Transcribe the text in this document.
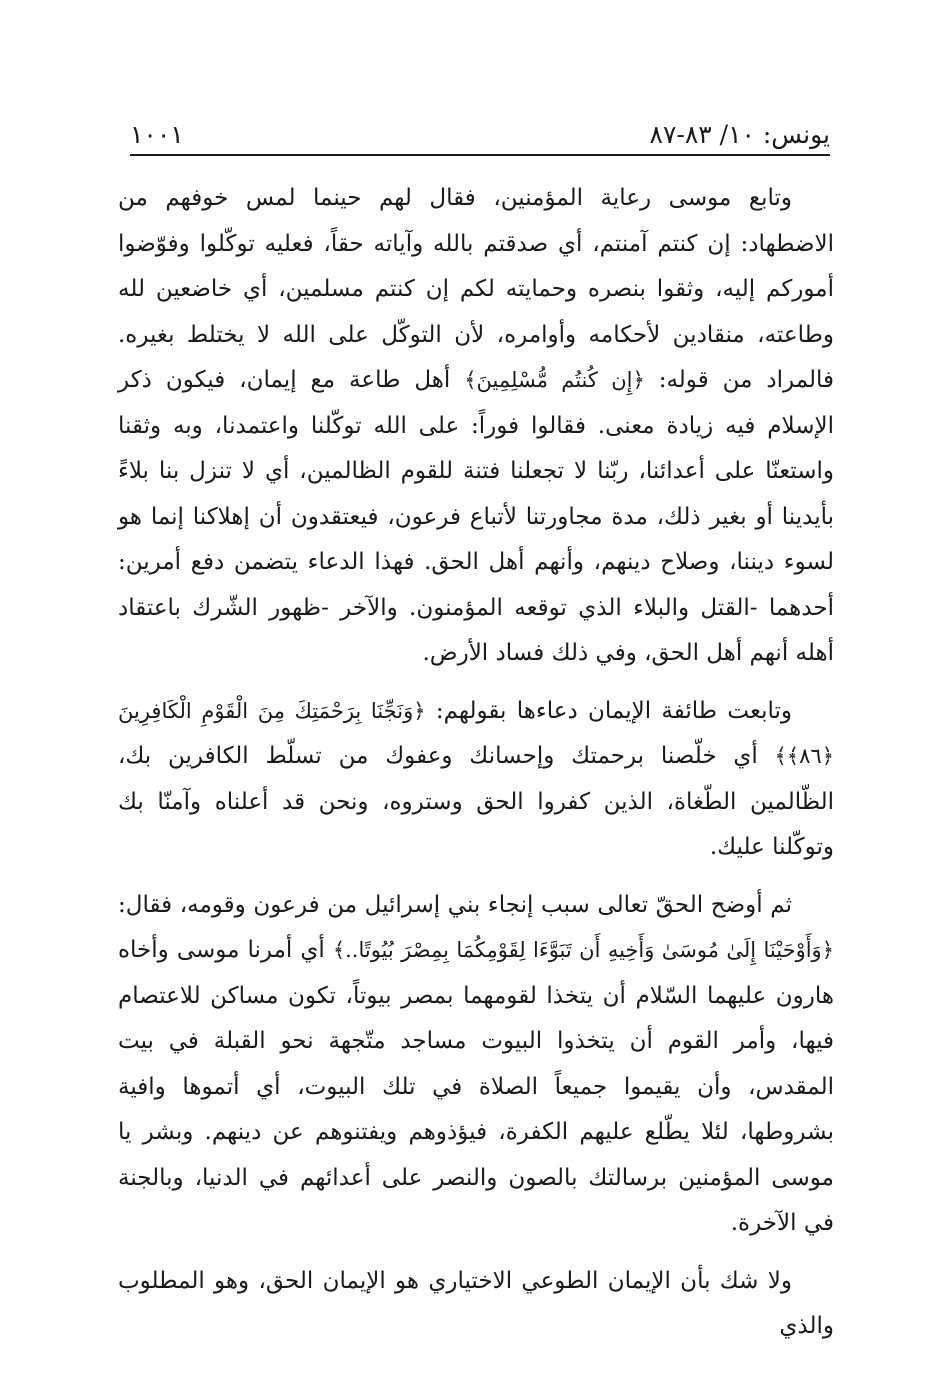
يونس: ١٠/ ٨٣-٨٧
١٠٠١

وتابع موسى رعاية المؤمنين، فقال لهم حينما لمس خوفهم من الاضطهاد: إن كنتم آمنتم، أي صدقتم بالله وآياته حقاً، فعليه توكّلوا وفوّضوا أموركم إليه، وثقوا بنصره وحمايته لكم إن كنتم مسلمين، أي خاضعين لله وطاعته، منقادين لأحكامه وأوامره، لأن التوكّل على الله لا يختلط بغيره. فالمراد من قوله: ﴿إِن كُنتُم مُّسْلِمِينَ﴾ أهل طاعة مع إيمان، فيكون ذكر الإسلام فيه زيادة معنى. فقالوا فوراً: على الله توكّلنا واعتمدنا، وبه وثقنا واستعنّا على أعدائنا، ربّنا لا تجعلنا فتنة للقوم الظالمين، أي لا تنزل بنا بلاءً بأيدينا أو بغير ذلك، مدة مجاورتنا لأتباع فرعون، فيعتقدون أن إهلاكنا إنما هو لسوء ديننا، وصلاح دينهم، وأنهم أهل الحق. فهذا الدعاء يتضمن دفع أمرين: أحدهما -القتل والبلاء الذي توقعه المؤمنون. والآخر -ظهور الشّرك باعتقاد أهله أنهم أهل الحق، وفي ذلك فساد الأرض.

وتابعت طائفة الإيمان دعاءها بقولهم: ﴿وَنَجِّنَا بِرَحْمَتِكَ مِنَ الْقَوْمِ الْكَافِرِينَ ﴿٨٦﴾﴾ أي خلّصنا برحمتك وإحسانك وعفوك من تسلّط الكافرين بك، الظّالمين الطّغاة، الذين كفروا الحق وستروه، ونحن قد أعلناه وآمنّا بك وتوكّلنا عليك.

ثم أوضح الحقّ تعالى سبب إنجاء بني إسرائيل من فرعون وقومه، فقال: ﴿وَأَوْحَيْنَا إِلَىٰ مُوسَىٰ وَأَخِيهِ أَن تَبَوَّءَا لِقَوْمِكُمَا بِمِصْرَ بُيُوتًا..﴾ أي أمرنا موسى وأخاه هارون عليهما السّلام أن يتخذا لقومهما بمصر بيوتاً، تكون مساكن للاعتصام فيها، وأمر القوم أن يتخذوا البيوت مساجد متّجهة نحو القبلة في بيت المقدس، وأن يقيموا جميعاً الصلاة في تلك البيوت، أي أتموها وافية بشروطها، لئلا يطّلع عليهم الكفرة، فيؤذوهم ويفتنوهم عن دينهم. وبشر يا موسى المؤمنين برسالتك بالصون والنصر على أعدائهم في الدنيا، وبالجنة في الآخرة.

ولا شك بأن الإيمان الطوعي الاختياري هو الإيمان الحق، وهو المطلوب والذي
